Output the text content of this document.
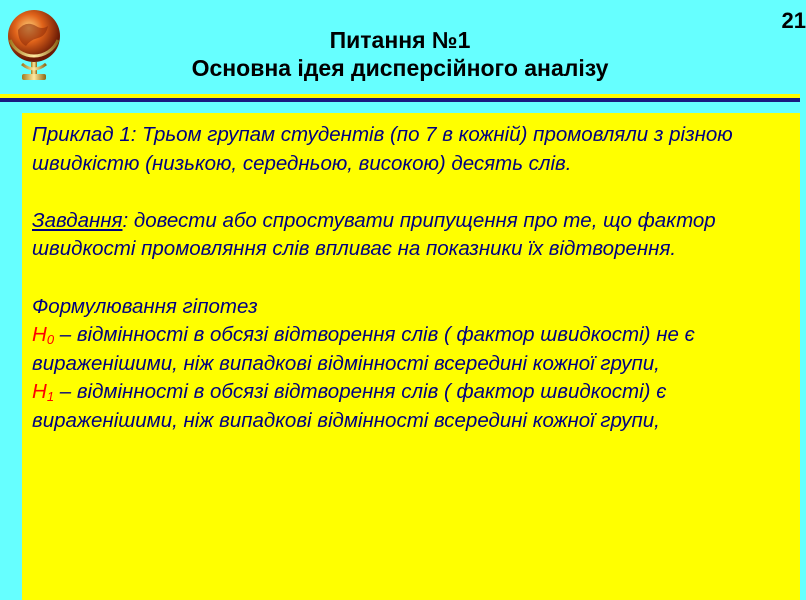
Питання №1
Основна ідея дисперсійного аналізу
21

Приклад 1: Трьом групам студентів (по 7 в кожній) промовляли з різною швидкістю (низькою, середньою, високою) десять слів.

Завдання: довести або спростувати припущення про те, що фактор швидкості промовляння слів впливає на показники їх відтворення.

Формулювання гіпотез

$H_0$ – відмінності в обсязі відтворення слів ( фактор швидкості) не є вираженішими, ніж випадкові відмінності всередині кожної групи,

$H_1$ – відмінності в обсязі відтворення слів ( фактор швидкості) є вираженішими, ніж випадкові відмінності всередині кожної групи,
